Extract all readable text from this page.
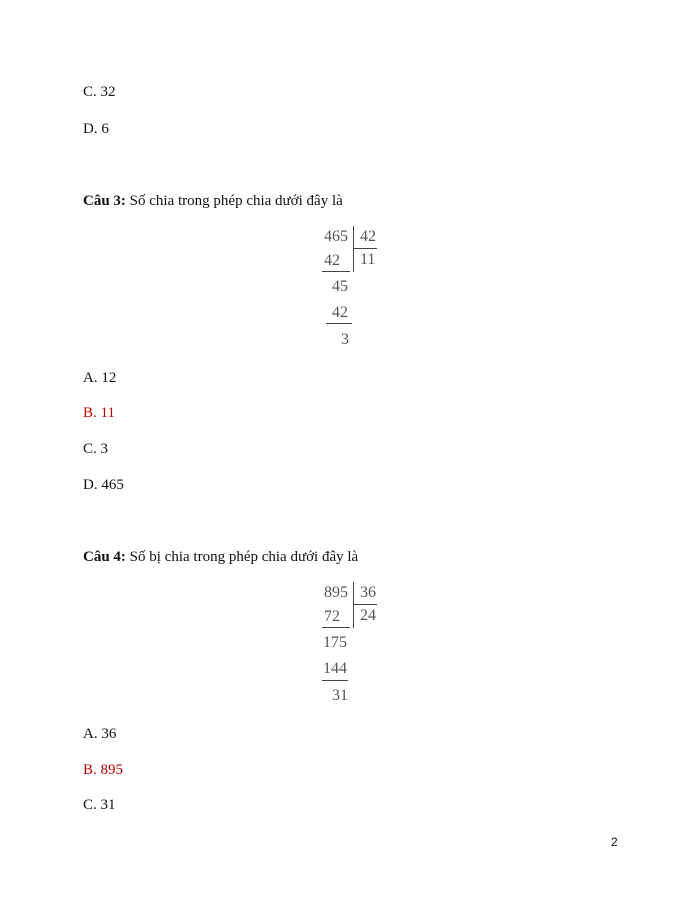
C. 32
D. 6
Câu 3: Số chia trong phép chia dưới đây là
465 42
11
42
45
42
3
A. 12
B. 11
C. 3
D. 465
Câu 4: Số bị chia trong phép chia dưới đây là
895 36
24
72
175
144
31
A. 36
B. 895
C. 31
2
